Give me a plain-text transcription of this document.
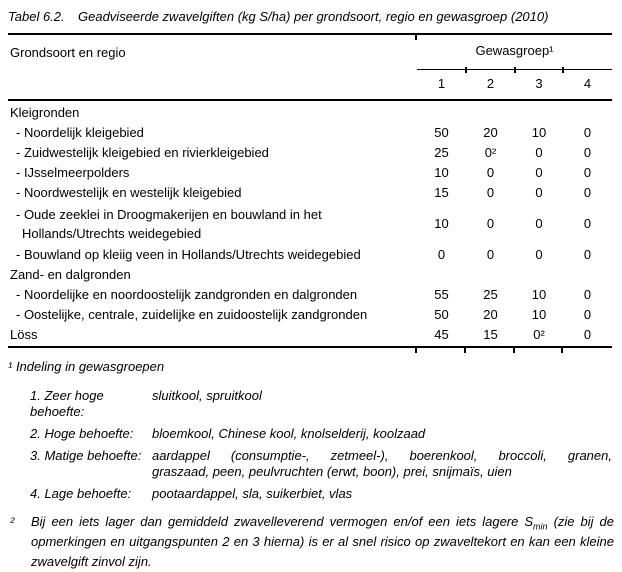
Tabel 6.2.	Geadviseerde zwavelgiften (kg S/ha) per grondsoort, regio en gewasgroep (2010)
Grondsoort en regio	Gewasgroep¹
1	2	3	4
Kleigronden
- Noordelijk kleigebied	50	20	10	0
- Zuidwestelijk kleigebied en rivierkleigebied	25	0²	0	0
- IJsselmeerpolders	10	0	0	0
- Noordwestelijk en westelijk kleigebied	15	0	0	0
- Oude zeeklei in Droogmakerijen en bouwland in het
Hollands/Utrechts weidegebied
10	0	0	0
- Bouwland op kleiig veen in Hollands/Utrechts weidegebied	0	0	0	0
Zand- en dalgronden
- Noordelijke en noordoostelijk zandgronden en dalgronden	55	25	10	0
- Oostelijke, centrale, zuidelijke en zuidoostelijk zandgronden	50	20	10	0
Löss	45	15	0²	0
¹ Indeling in gewasgroepen
1. Zeer hoge behoefte:
sluitkool, spruitkool
2. Hoge behoefte:	bloemkool, Chinese kool, knolselderij, koolzaad
3. Matige behoefte: aardappel (consumptie-, zetmeel-), boerenkool, broccoli, granen,
graszaad, peen, peulvruchten (erwt, boon), prei, snijmaïs, uien
4. Lage behoefte:	pootaardappel, sla, suikerbiet, vlas
² Bij een iets lager dan gemiddeld zwavelleverend vermogen en/of een iets lagere $S_{min}$ (zie bij de
opmerkingen en uitgangspunten 2 en 3 hierna) is er al snel risico op zwaveltekort en kan een kleine
zwavelgift zinvol zijn.
